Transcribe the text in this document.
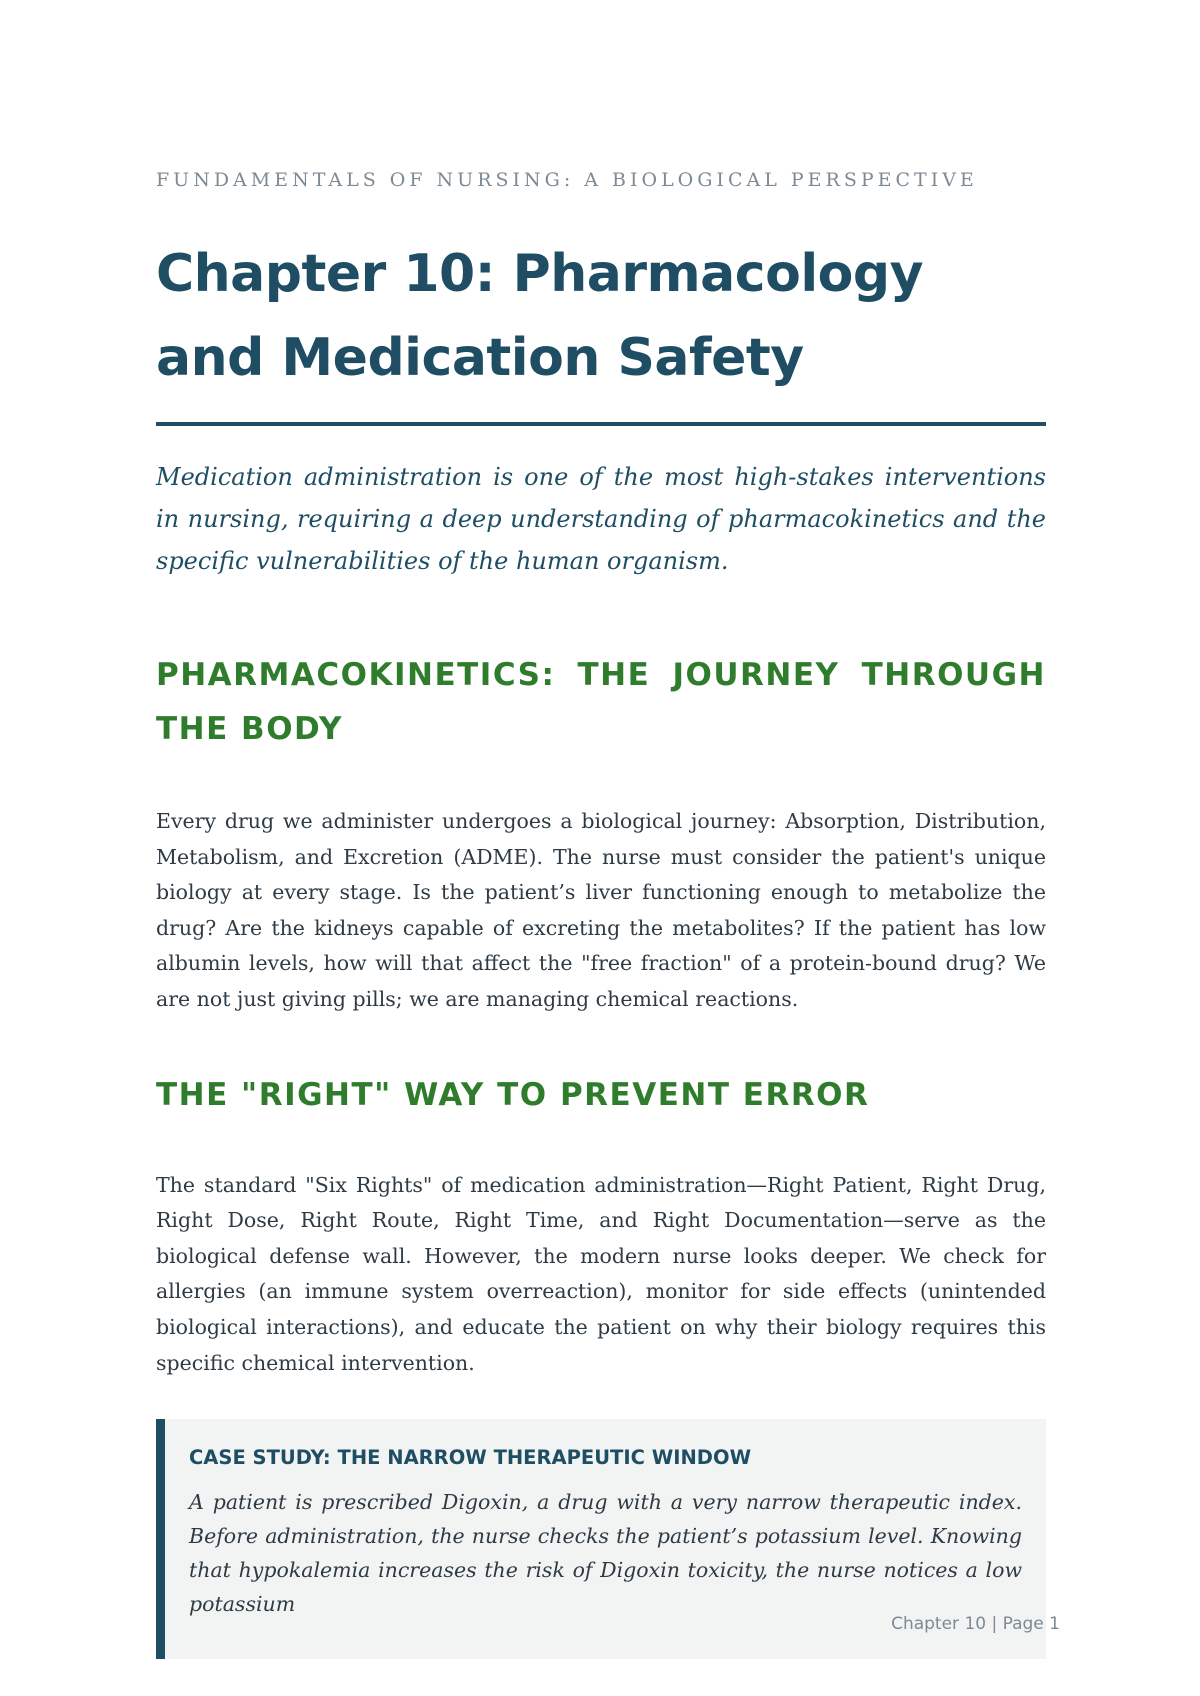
FUNDAMENTALS OF NURSING: A BIOLOGICAL PERSPECTIVE

Chapter 10: Pharmacology and Medication Safety

Medication administration is one of the most high-stakes interventions in nursing, requiring a deep understanding of pharmacokinetics and the specific vulnerabilities of the human organism.

PHARMACOKINETICS: THE JOURNEY THROUGH THE BODY

Every drug we administer undergoes a biological journey: Absorption, Distribution, Metabolism, and Excretion (ADME). The nurse must consider the patient's unique biology at every stage. Is the patient’s liver functioning enough to metabolize the drug? Are the kidneys capable of excreting the metabolites? If the patient has low albumin levels, how will that affect the "free fraction" of a protein-bound drug? We are not just giving pills; we are managing chemical reactions.

THE "RIGHT" WAY TO PREVENT ERROR

The standard "Six Rights" of medication administration—Right Patient, Right Drug, Right Dose, Right Route, Right Time, and Right Documentation—serve as the biological defense wall. However, the modern nurse looks deeper. We check for allergies (an immune system overreaction), monitor for side effects (unintended biological interactions), and educate the patient on why their biology requires this specific chemical intervention.

CASE STUDY: THE NARROW THERAPEUTIC WINDOW

A patient is prescribed Digoxin, a drug with a very narrow therapeutic index. Before administration, the nurse checks the patient’s potassium level. Knowing that hypokalemia increases the risk of Digoxin toxicity, the nurse notices a low potassium

Chapter 10 | Page 1
